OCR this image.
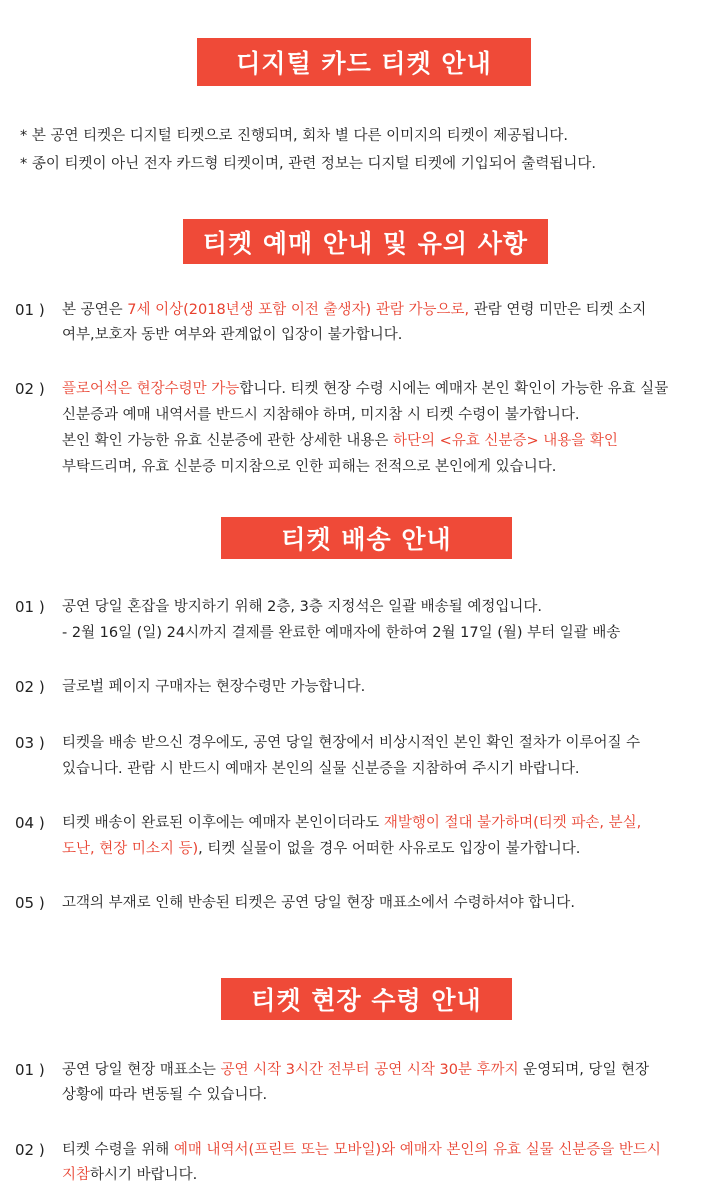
디지털 카드 티켓 안내
* 본 공연 티켓은 디지털 티켓으로 진행되며, 회차 별 다른 이미지의 티켓이 제공됩니다.
* 종이 티켓이 아닌 전자 카드형 티켓이며, 관련 정보는 디지털 티켓에 기입되어 출력됩니다.
티켓 예매 안내 및 유의 사항
01 ) 본 공연은 7세 이상(2018년생 포함 이전 출생자) 관람 가능으로, 관람 연령 미만은 티켓 소지
여부,보호자 동반 여부와 관계없이 입장이 불가합니다.
02 ) 플로어석은 현장수령만 가능합니다. 티켓 현장 수령 시에는 예매자 본인 확인이 가능한 유효 실물
신분증과 예매 내역서를 반드시 지참해야 하며, 미지참 시 티켓 수령이 불가합니다.
본인 확인 가능한 유효 신분증에 관한 상세한 내용은 하단의 <유효 신분증> 내용을 확인
부탁드리며, 유효 신분증 미지참으로 인한 피해는 전적으로 본인에게 있습니다.
티켓 배송 안내
01 ) 공연 당일 혼잡을 방지하기 위해 2층, 3층 지정석은 일괄 배송될 예정입니다.
- 2월 16일 (일) 24시까지 결제를 완료한 예매자에 한하여 2월 17일 (월) 부터 일괄 배송
02 ) 글로벌 페이지 구매자는 현장수령만 가능합니다.
03 ) 티켓을 배송 받으신 경우에도, 공연 당일 현장에서 비상시적인 본인 확인 절차가 이루어질 수
있습니다. 관람 시 반드시 예매자 본인의 실물 신분증을 지참하여 주시기 바랍니다.
04 ) 티켓 배송이 완료된 이후에는 예매자 본인이더라도 재발행이 절대 불가하며(티켓 파손, 분실,
도난, 현장 미소지 등), 티켓 실물이 없을 경우 어떠한 사유로도 입장이 불가합니다.
05 ) 고객의 부재로 인해 반송된 티켓은 공연 당일 현장 매표소에서 수령하셔야 합니다.
티켓 현장 수령 안내
01 ) 공연 당일 현장 매표소는 공연 시작 3시간 전부터 공연 시작 30분 후까지 운영되며, 당일 현장
상황에 따라 변동될 수 있습니다.
02 ) 티켓 수령을 위해 예매 내역서(프린트 또는 모바일)와 예매자 본인의 유효 실물 신분증을 반드시
지참하시기 바랍니다.
